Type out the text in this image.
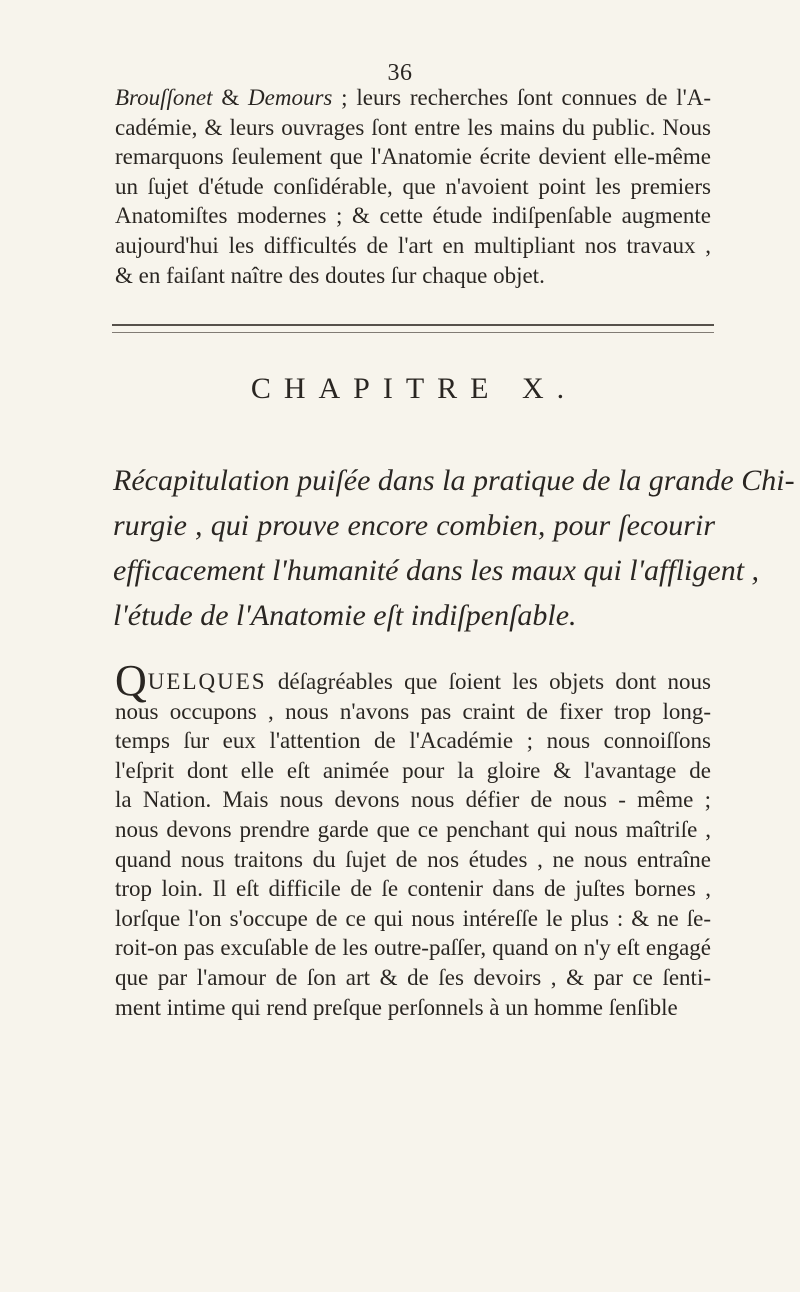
36
Brouſſonet & Demours ; leurs recherches ſont connues de l'A-
cadémie, & leurs ouvrages ſont entre les mains du public. Nous
remarquons ſeulement que l'Anatomie écrite devient elle-même
un ſujet d'étude conſidérable, que n'avoient point les premiers
Anatomiſtes modernes ; & cette étude indiſpenſable augmente
aujourd'hui les difficultés de l'art en multipliant nos travaux ,
& en faiſant naître des doutes ſur chaque objet.
CHAPITRE X.
Récapitulation puiſée dans la pratique de la grande Chi-
rurgie , qui prouve encore combien, pour ſecourir
efficacement l'humanité dans les maux qui l'affligent ,
l'étude de l'Anatomie eſt indiſpenſable.
QUELQUES déſagréables que ſoient les objets dont nous
nous occupons , nous n'avons pas craint de fixer trop long-
temps ſur eux l'attention de l'Académie ; nous connoiſſons
l'eſprit dont elle eſt animée pour la gloire & l'avantage de
la Nation. Mais nous devons nous défier de nous - même ;
nous devons prendre garde que ce penchant qui nous maîtriſe ,
quand nous traitons du ſujet de nos études , ne nous entraîne
trop loin. Il eſt difficile de ſe contenir dans de juſtes bornes ,
lorſque l'on s'occupe de ce qui nous intéreſſe le plus : & ne ſe-
roit-on pas excuſable de les outre-paſſer, quand on n'y eſt engagé
que par l'amour de ſon art & de ſes devoirs , & par ce ſenti-
ment intime qui rend preſque perſonnels à un homme ſenſible
